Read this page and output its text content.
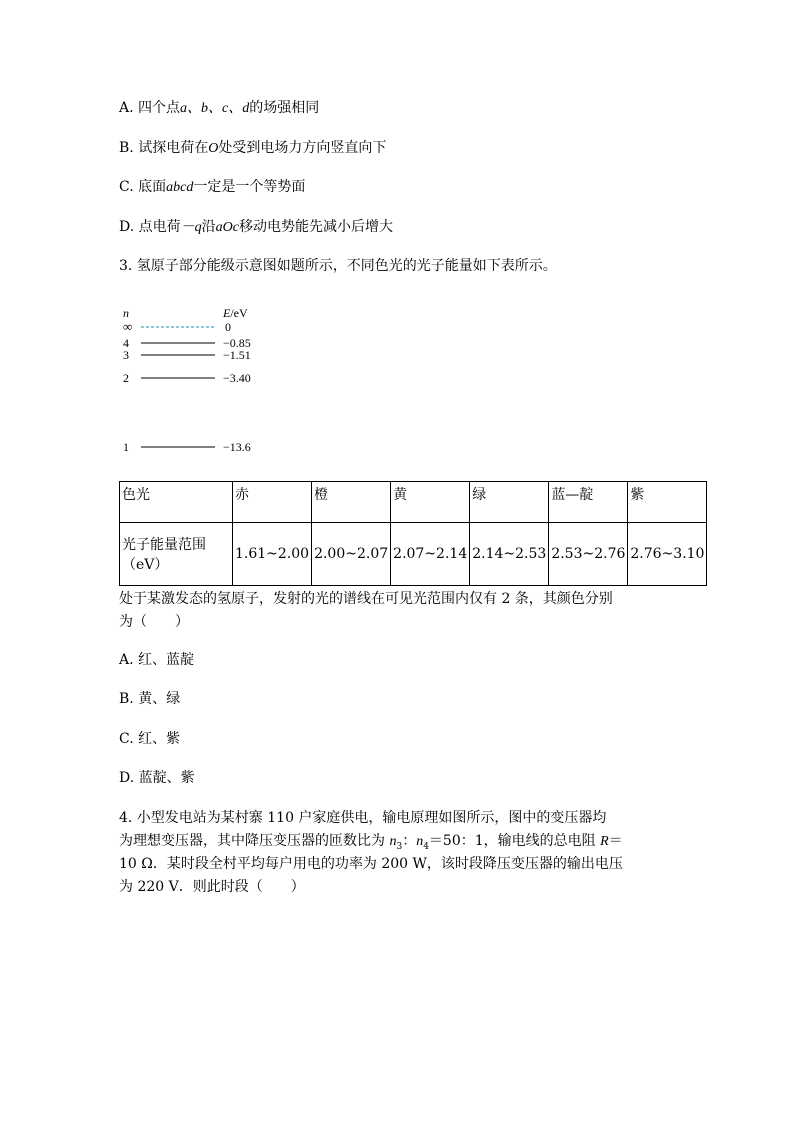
A. 四个点a、b、c、d的场强相同
B. 试探电荷在O处受到电场力方向竖直向下
C. 底面abcd一定是一个等势面
D. 点电荷－q沿aOc移动电势能先减小后增大
3. 氢原子部分能级示意图如题所示，不同色光的光子能量如下表所示。
n	E/eV
∞	0
4	−0.85
3	−1.51
2	−3.40
1	−13.6
色光	赤	橙	黄	绿	蓝—靛	紫

光子能量范围
（eV）	1.61~2.00	2.00~2.07	2.07~2.14	2.14~2.53	2.53~2.76	2.76~3.10
处于某激发态的氢原子，发射的光的谱线在可见光范围内仅有 2 条，其颜色分别
为（　　）
A. 红、蓝靛
B. 黄、绿
C. 红、紫
D. 蓝靛、紫
4. 小型发电站为某村寨 110 户家庭供电，输电原理如图所示，图中的变压器均
为理想变压器，其中降压变压器的匝数比为 $n_3$：$n_4=50$：1，输电线的总电阻 R＝
10 Ω．某时段全村平均每户用电的功率为 200 W，该时段降压变压器的输出电压
为 220 V．则此时段（　　）
